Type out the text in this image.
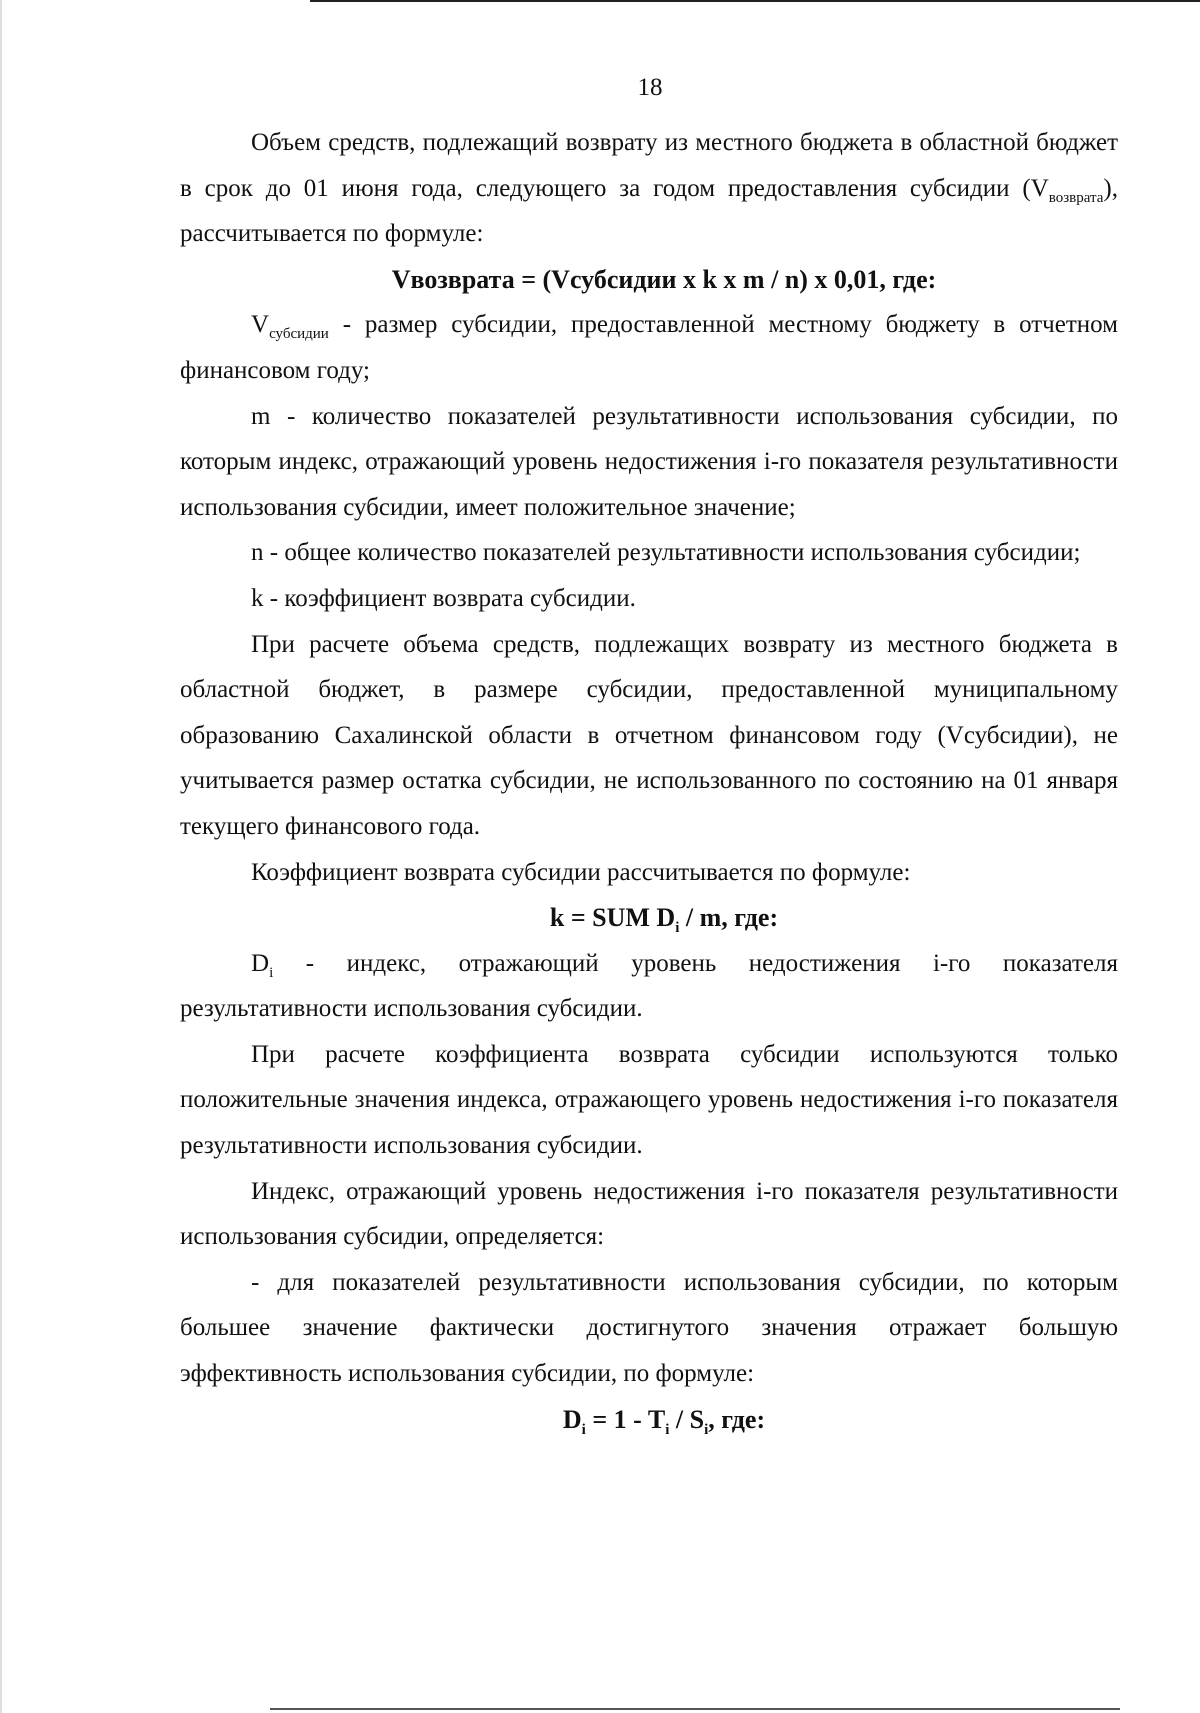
18

Объем средств, подлежащий возврату из местного бюджета в областной бюджет в срок до 01 июня года, следующего за годом предоставления субсидии $(V_{возврата})$, рассчитывается по формуле:

Vвозврата = (Vсубсидии х k х m / n) х 0,01, где:

$V_{субсидии}$ - размер субсидии, предоставленной местному бюджету в отчетном финансовом году;

m - количество показателей результативности использования субсидии, по которым индекс, отражающий уровень недостижения i-го показателя результативности использования субсидии, имеет положительное значение;

n - общее количество показателей результативности использования субсидии;

k - коэффициент возврата субсидии.

При расчете объема средств, подлежащих возврату из местного бюджета в областной бюджет, в размере субсидии, предоставленной муниципальному образованию Сахалинской области в отчетном финансовом году (Vсубсидии), не учитывается размер остатка субсидии, не использованного по состоянию на 01 января текущего финансового года.

Коэффициент возврата субсидии рассчитывается по формуле:

k = SUM $D_i$ / m, где:

$D_i$ - индекс, отражающий уровень недостижения i-го показателя результативности использования субсидии.

При расчете коэффициента возврата субсидии используются только положительные значения индекса, отражающего уровень недостижения i-го показателя результативности использования субсидии.

Индекс, отражающий уровень недостижения i-го показателя результативности использования субсидии, определяется:

- для показателей результативности использования субсидии, по которым большее значение фактически достигнутого значения отражает большую эффективность использования субсидии, по формуле:

$D_i = 1 - T_i / S_i$, где:
